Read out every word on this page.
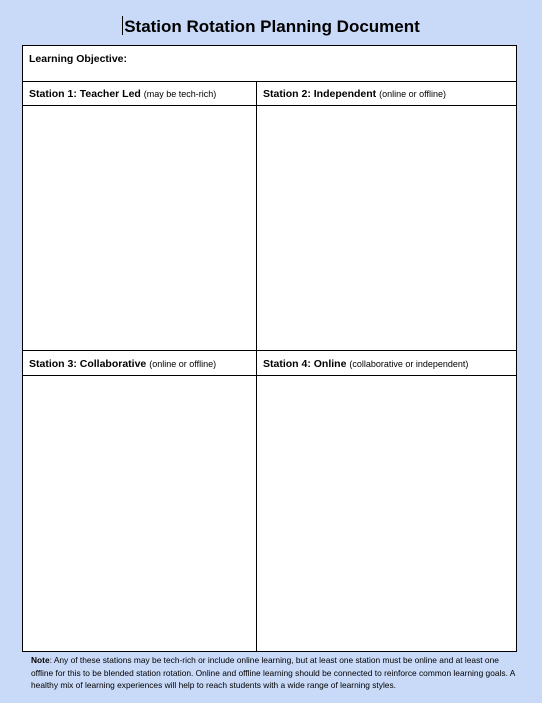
Station Rotation Planning Document
Learning Objective:
Station 1: Teacher Led (may be tech-rich)	Station 2: Independent (online or offline)
Station 3: Collaborative (online or offline)	Station 4: Online (collaborative or independent)
Note: Any of these stations may be tech-rich or include online learning, but at least one station must be online and at least one offline for this to be blended station rotation. Online and offline learning should be connected to reinforce common learning goals. A healthy mix of learning experiences will help to reach students with a wide range of learning styles.
